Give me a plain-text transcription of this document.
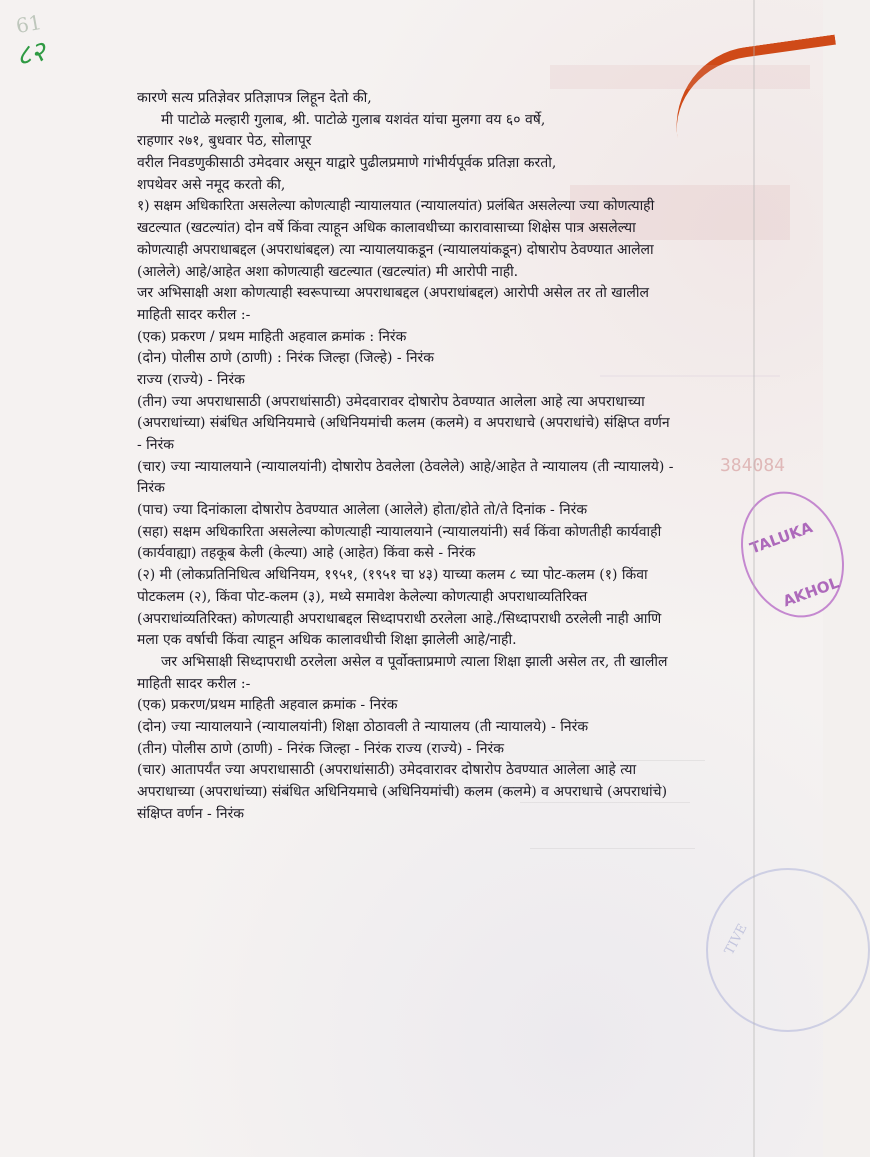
61
८२
TALUKA
AKHOL
TIVE
384084

कारणे सत्य प्रतिज्ञेवर प्रतिज्ञापत्र लिहून देतो की,

मी पाटोळे मल्हारी गुलाब, श्री. पाटोळे गुलाब यशवंत यांचा मुलगा वय ६० वर्षे,

राहणार २७१, बुधवार पेठ, सोलापूर

वरील निवडणुकीसाठी उमेदवार असून याद्वारे पुढीलप्रमाणे गांभीर्यपूर्वक प्रतिज्ञा करतो,

शपथेवर असे नमूद करतो की,

१) सक्षम अधिकारिता असलेल्या कोणत्याही न्यायालयात (न्यायालयांत) प्रलंबित असलेल्या ज्या कोणत्याही खटल्यात (खटल्यांत) दोन वर्षे किंवा त्याहून अधिक कालावधीच्या कारावासाच्या शिक्षेस पात्र असलेल्या कोणत्याही अपराधाबद्दल (अपराधांबद्दल) त्या न्यायालयाकडून (न्यायालयांकडून) दोषारोप ठेवण्यात आलेला (आलेले) आहे/आहेत अशा कोणत्याही खटल्यात (खटल्यांत) मी आरोपी नाही.

जर अभिसाक्षी अशा कोणत्याही स्वरूपाच्या अपराधाबद्दल (अपराधांबद्दल) आरोपी असेल तर तो खालील माहिती सादर करील :-

(एक) प्रकरण / प्रथम माहिती अहवाल क्रमांक : निरंक

(दोन) पोलीस ठाणे (ठाणी) : निरंक जिल्हा (जिल्हे) - निरंक

राज्य (राज्ये) - निरंक

(तीन) ज्या अपराधासाठी (अपराधांसाठी) उमेदवारावर दोषारोप ठेवण्यात आलेला आहे त्या अपराधाच्या (अपराधांच्या) संबंधित अधिनियमाचे (अधिनियमांची कलम (कलमे) व अपराधाचे (अपराधांचे) संक्षिप्त वर्णन - निरंक

(चार) ज्या न्यायालयाने (न्यायालयांनी) दोषारोप ठेवलेला (ठेवलेले) आहे/आहेत ते न्यायालय (ती न्यायालये) - निरंक

(पाच) ज्या दिनांकाला दोषारोप ठेवण्यात आलेला (आलेले) होता/होते तो/ते दिनांक - निरंक

(सहा) सक्षम अधिकारिता असलेल्या कोणत्याही न्यायालयाने (न्यायालयांनी) सर्व किंवा कोणतीही कार्यवाही (कार्यवाह्या) तहकूब केली (केल्या) आहे (आहेत) किंवा कसे - निरंक

(२) मी (लोकप्रतिनिधित्व अधिनियम, १९५१, (१९५१ चा ४३) याच्या कलम ८ च्या पोट-कलम (१) किंवा पोटकलम (२), किंवा पोट-कलम (३), मध्ये समावेश केलेल्या कोणत्याही अपराधाव्यतिरिक्त (अपराधांव्यतिरिक्त) कोणत्याही अपराधाबद्दल सिध्दापराधी ठरलेला आहे./सिध्दापराधी ठरलेली नाही आणि मला एक वर्षाची किंवा त्याहून अधिक कालावधीची शिक्षा झालेली आहे/नाही.

जर अभिसाक्षी सिध्दापराधी ठरलेला असेल व पूर्वोक्ताप्रमाणे त्याला शिक्षा झाली असेल तर, ती खालील माहिती सादर करील :-

(एक) प्रकरण/प्रथम माहिती अहवाल क्रमांक - निरंक

(दोन) ज्या न्यायालयाने (न्यायालयांनी) शिक्षा ठोठावली ते न्यायालय (ती न्यायालये) - निरंक

(तीन) पोलीस ठाणे (ठाणी) - निरंक जिल्हा - निरंक राज्य (राज्ये) - निरंक

(चार) आतापर्यंत ज्या अपराधासाठी (अपराधांसाठी) उमेदवारावर दोषारोप ठेवण्यात आलेला आहे त्या अपराधाच्या (अपराधांच्या) संबंधित अधिनियमाचे (अधिनियमांची) कलम (कलमे) व अपराधाचे (अपराधांचे) संक्षिप्त वर्णन - निरंक
